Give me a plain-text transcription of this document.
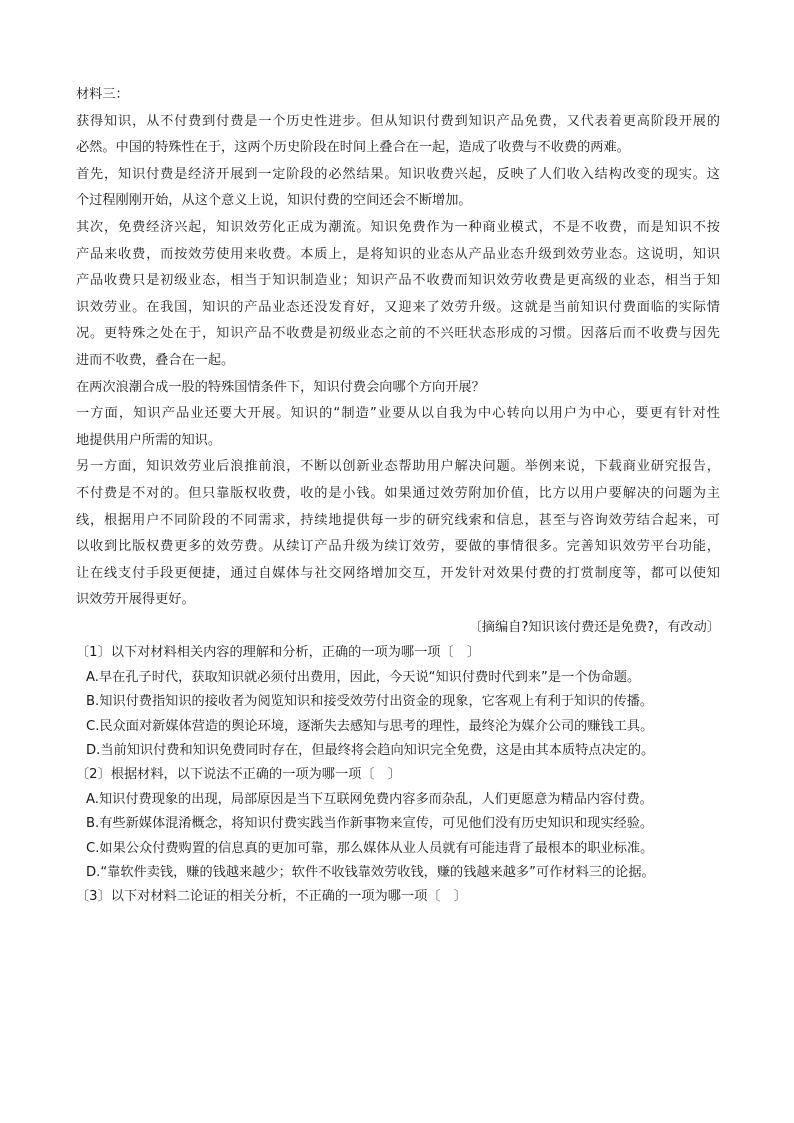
材料三：
获得知识，从不付费到付费是一个历史性进步。但从知识付费到知识产品免费，又代表着更高阶段开展的
必然。中国的特殊性在于，这两个历史阶段在时间上叠合在一起，造成了收费与不收费的两难。
首先，知识付费是经济开展到一定阶段的必然结果。知识收费兴起，反映了人们收入结构改变的现实。这
个过程刚刚开始，从这个意义上说，知识付费的空间还会不断增加。
其次，免费经济兴起，知识效劳化正成为潮流。知识免费作为一种商业模式，不是不收费，而是知识不按
产品来收费，而按效劳使用来收费。本质上，是将知识的业态从产品业态升级到效劳业态。这说明，知识
产品收费只是初级业态，相当于知识制造业；知识产品不收费而知识效劳收费是更高级的业态，相当于知
识效劳业。在我国，知识的产品业态还没发育好，又迎来了效劳升级。这就是当前知识付费面临的实际情
况。更特殊之处在于，知识产品不收费是初级业态之前的不兴旺状态形成的习惯。因落后而不收费与因先
进而不收费，叠合在一起。
在两次浪潮合成一股的特殊国情条件下，知识付费会向哪个方向开展？
一方面，知识产品业还要大开展。知识的“制造”业要从以自我为中心转向以用户为中心，要更有针对性
地提供用户所需的知识。
另一方面，知识效劳业后浪推前浪，不断以创新业态帮助用户解决问题。举例来说，下载商业研究报告，
不付费是不对的。但只靠版权收费，收的是小钱。如果通过效劳附加价值，比方以用户要解决的问题为主
线，根据用户不同阶段的不同需求，持续地提供每一步的研究线索和信息，甚至与咨询效劳结合起来，可
以收到比版权费更多的效劳费。从续订产品升级为续订效劳，要做的事情很多。完善知识效劳平台功能，
让在线支付手段更便捷，通过自媒体与社交网络增加交互，开发针对效果付费的打赏制度等，都可以使知
识效劳开展得更好。
〔摘编自?知识该付费还是免费?，有改动〕
〔1〕以下对材料相关内容的理解和分析，正确的一项为哪一项〔　〕
A.早在孔子时代，获取知识就必须付出费用，因此，今天说“知识付费时代到来”是一个伪命题。
B.知识付费指知识的接收者为阅览知识和接受效劳付出资金的现象，它客观上有利于知识的传播。
C.民众面对新媒体营造的舆论环境，逐渐失去感知与思考的理性，最终沦为媒介公司的赚钱工具。
D.当前知识付费和知识免费同时存在，但最终将会趋向知识完全免费，这是由其本质特点决定的。
〔2〕根据材料，以下说法不正确的一项为哪一项〔　〕
A.知识付费现象的出现，局部原因是当下互联网免费内容多而杂乱，人们更愿意为精品内容付费。
B.有些新媒体混淆概念，将知识付费实践当作新事物来宣传，可见他们没有历史知识和现实经验。
C.如果公众付费购置的信息真的更加可靠，那么媒体从业人员就有可能违背了最根本的职业标准。
D.“靠软件卖钱，赚的钱越来越少；软件不收钱靠效劳收钱，赚的钱越来越多”可作材料三的论据。
〔3〕以下对材料二论证的相关分析，不正确的一项为哪一项〔　〕
